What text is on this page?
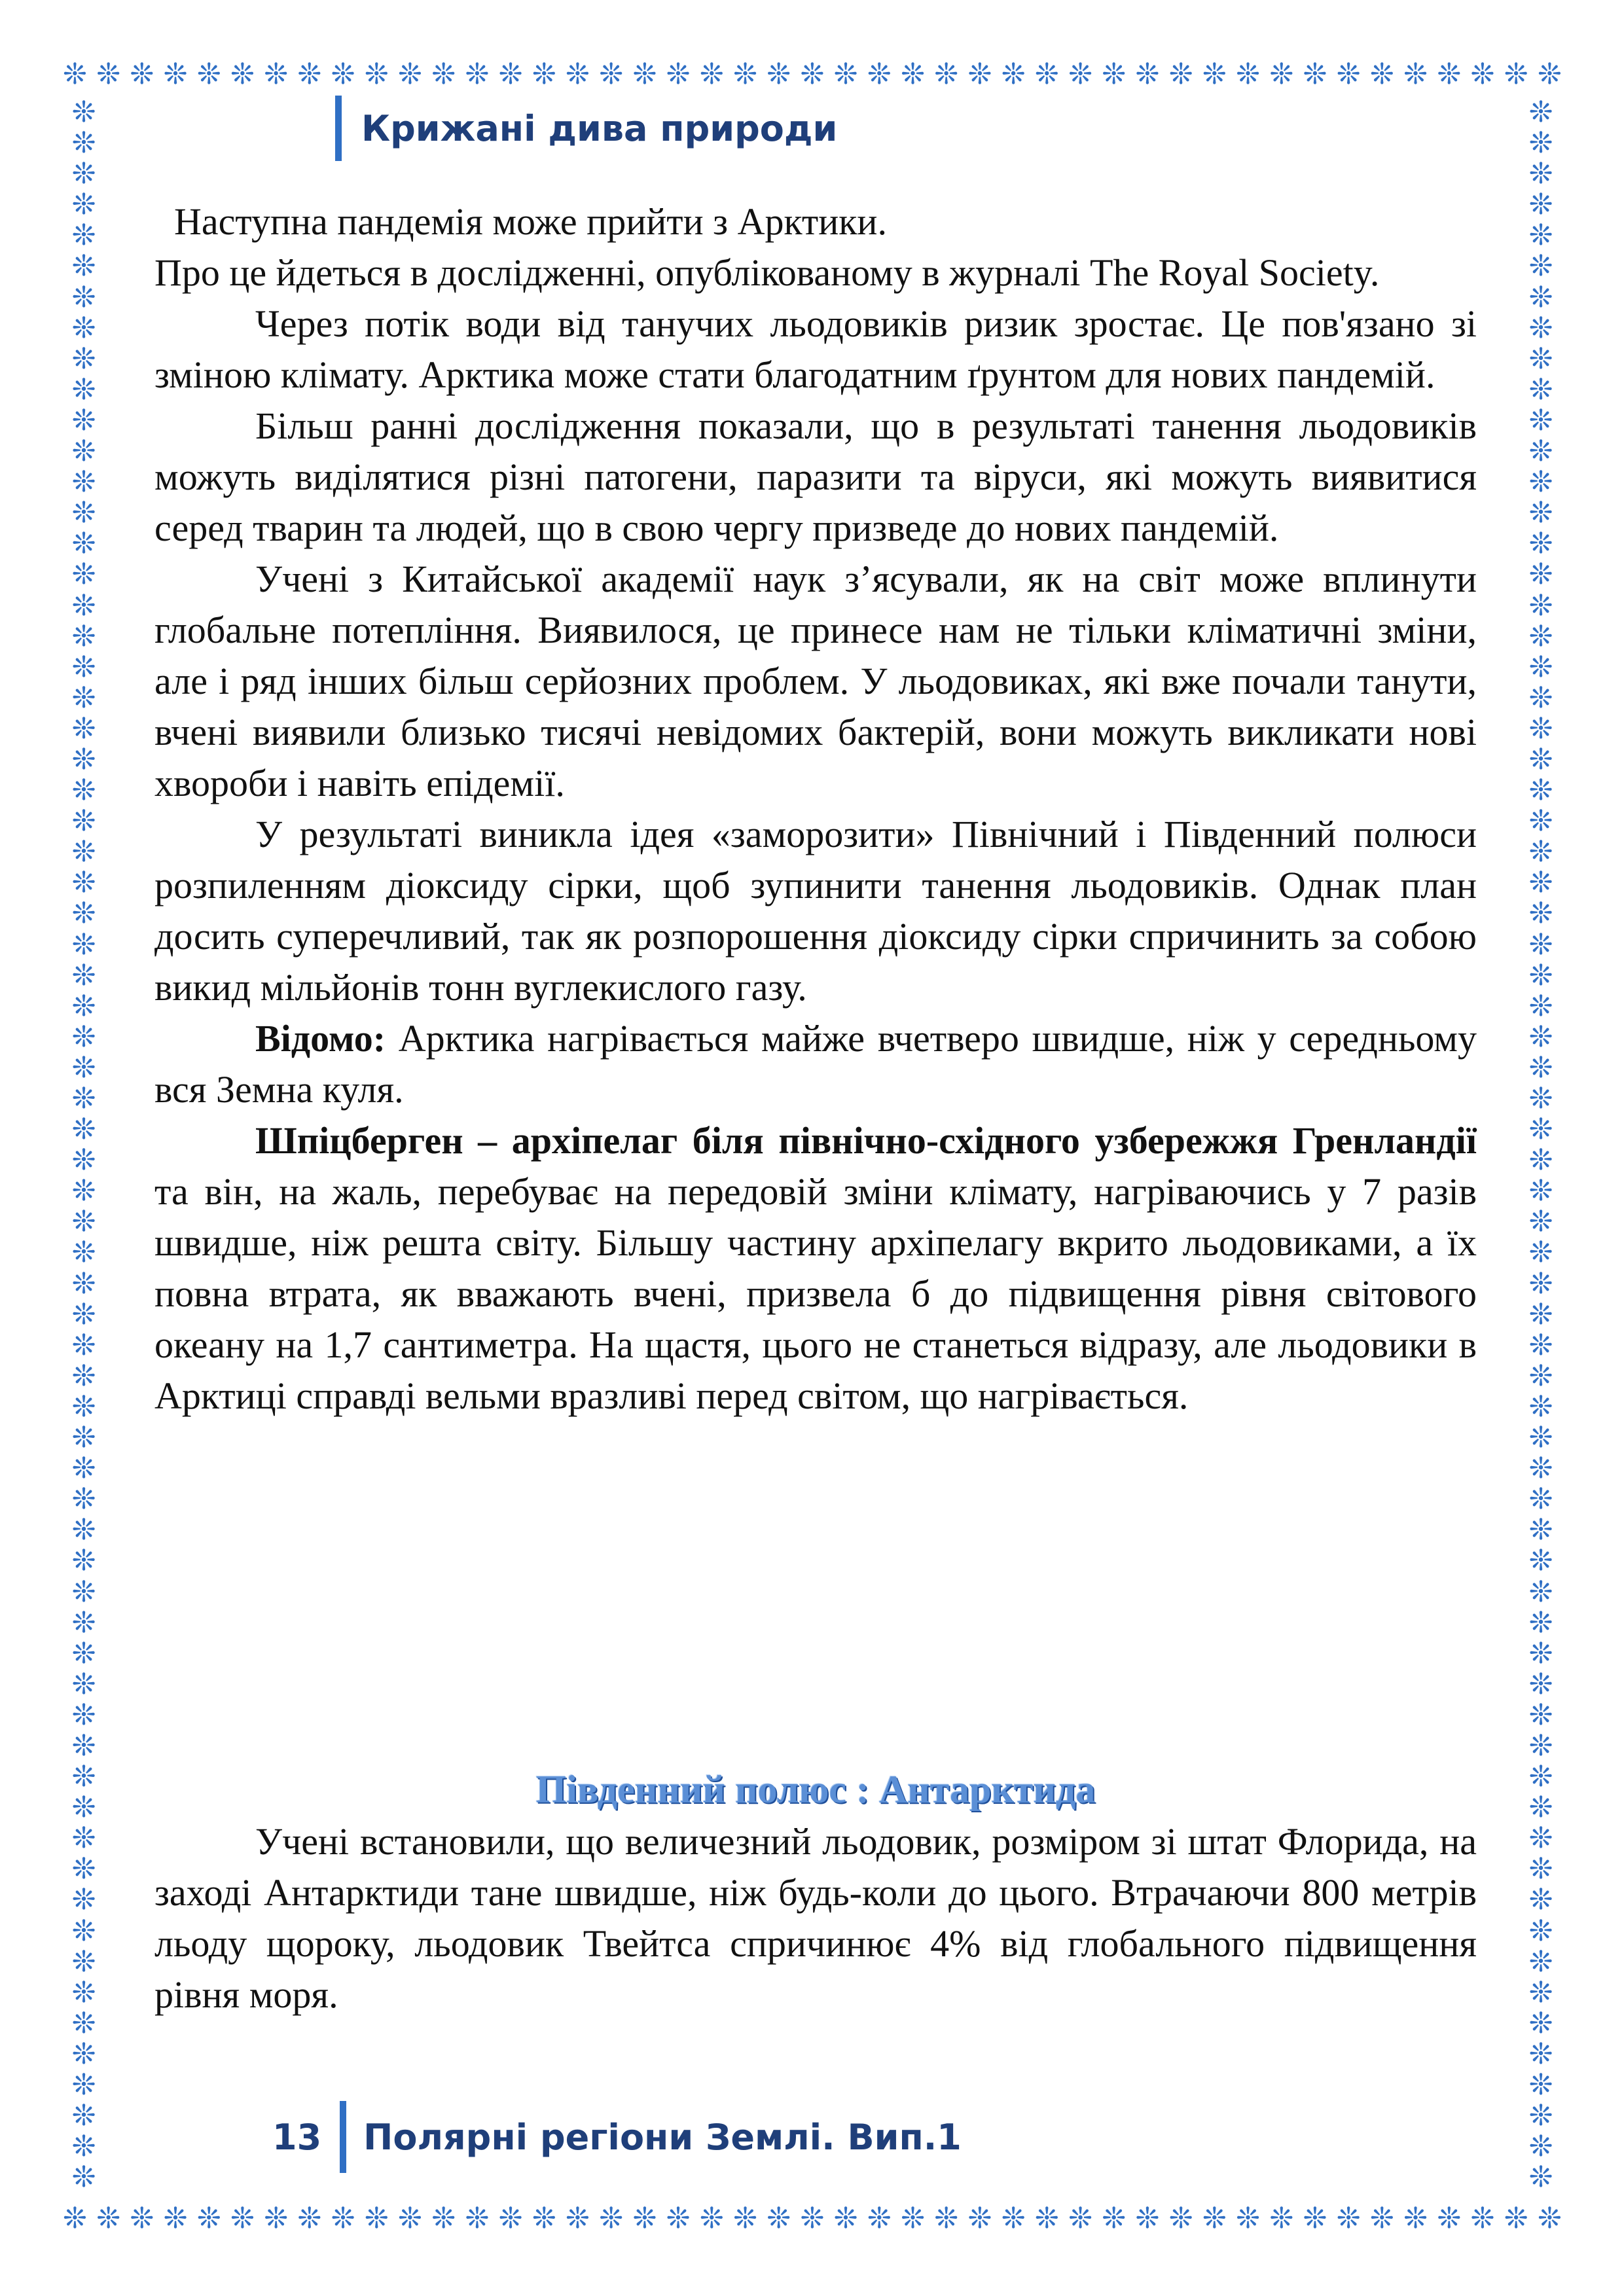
❊ ❊ ❊ ❊ ❊ ❊ ❊ ❊ ❊ ❊ ❊ ❊ ❊ ❊ ❊ ❊ ❊ ❊ ❊ ❊ ❊ ❊ ❊ ❊ ❊ ❊ ❊ ❊ ❊ ❊ ❊ ❊ ❊ ❊ ❊ ❊ ❊ ❊ ❊ ❊ ❊ ❊ ❊ ❊ ❊
❊ ❊ ❊ ❊ ❊ ❊ ❊ ❊ ❊ ❊ ❊ ❊ ❊ ❊ ❊ ❊ ❊ ❊ ❊ ❊ ❊ ❊ ❊ ❊ ❊ ❊ ❊ ❊ ❊ ❊ ❊ ❊ ❊ ❊ ❊ ❊ ❊ ❊ ❊ ❊ ❊ ❊ ❊ ❊ ❊
❊
❊
❊
❊
❊
❊
❊
❊
❊
❊
❊
❊
❊
❊
❊
❊
❊
❊
❊
❊
❊
❊
❊
❊
❊
❊
❊
❊
❊
❊
❊
❊
❊
❊
❊
❊
❊
❊
❊
❊
❊
❊
❊
❊
❊
❊
❊
❊
❊
❊
❊
❊
❊
❊
❊
❊
❊
❊
❊
❊
❊
❊
❊
❊
❊
❊
❊
❊
❊
❊
❊
❊
❊
❊
❊
❊
❊
❊
❊
❊
❊
❊
❊
❊
❊
❊
❊
❊
❊
❊
❊
❊
❊
❊
❊
❊
❊
❊
❊
❊
❊
❊
❊
❊
❊
❊
❊
❊
❊
❊
❊
❊
❊
❊
❊
❊
❊
❊
❊
❊
❊
❊
❊
❊
❊
❊
❊
❊
❊
❊
❊
❊
❊
❊
❊
❊
Крижані дива природи

Наступна пандемія може прийти з Арктики.

Про це йдеться в дослідженні, опублікованому в журналі The Royal Society.

Через потік води від танучих льодовиків ризик зростає. Це пов'язано зі зміною клімату. Арктика може стати благодатним ґрунтом для нових пандемій.

Більш ранні дослідження показали, що в результаті танення льодовиків можуть виділятися різні патогени, паразити та віруси, які можуть виявитися серед тварин та людей, що в свою чергу призведе до нових пандемій.

Учені з Китайської академії наук з’ясували, як на світ може вплинути глобальне потепління. Виявилося, це принесе нам не тільки кліматичні зміни, але і ряд інших більш серйозних проблем. У льодовиках, які вже почали танути, вчені виявили близько тисячі невідомих бактерій, вони можуть викликати нові хвороби і навіть епідемії.

У результаті виникла ідея «заморозити» Північний і Південний полюси розпиленням діоксиду сірки, щоб зупинити танення льодовиків. Однак план досить суперечливий, так як розпорошення діоксиду сірки спричинить за собою викид мільйонів тонн вуглекислого газу.

Відомо: Арктика нагрівається майже вчетверо швидше, ніж у середньому вся Земна куля.

Шпіцберген – архіпелаг біля північно-східного узбережжя Гренландії та він, на жаль, перебуває на передовій зміни клімату, нагріваючись у 7 разів швидше, ніж решта світу. Більшу частину архіпелагу вкрито льодовиками, а їх повна втрата, як вважають вчені, призвела б до підвищення рівня світового океану на 1,7 сантиметра. На щастя, цього не станеться відразу, але льодовики в Арктиці справді вельми вразливі перед світом, що нагрівається.

Південний полюс : Антарктида

Учені встановили, що величезний льодовик, розміром зі штат Флорида, на заході Антарктиди тане швидше, ніж будь-коли до цього. Втрачаючи 800 метрів льоду щороку, льодовик Твейтса спричинює 4% від глобального підвищення рівня моря.

13	Полярні регіони Землі. Вип.1
